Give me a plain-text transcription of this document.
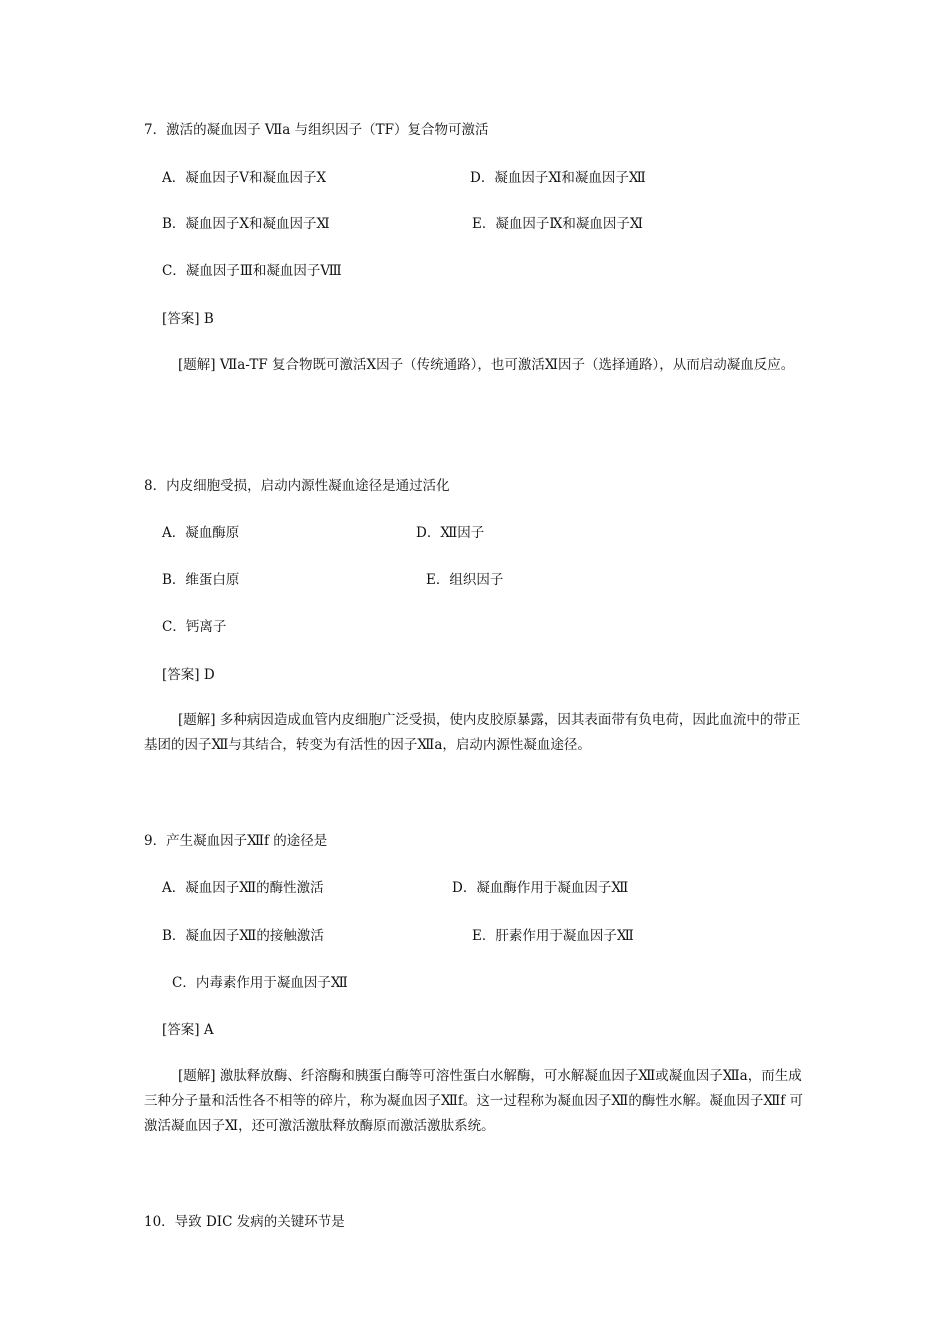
7．激活的凝血因子 Ⅶa 与组织因子（TF）复合物可激活
A．凝血因子Ⅴ和凝血因子Ⅹ	D．凝血因子Ⅺ和凝血因子Ⅻ
B．凝血因子Ⅹ和凝血因子Ⅺ	E．凝血因子Ⅸ和凝血因子Ⅺ
C．凝血因子Ⅲ和凝血因子Ⅷ
[答案] B
[题解] Ⅶa-TF 复合物既可激活Ⅹ因子（传统通路），也可激活Ⅺ因子（选择通路），从而启动凝血反应。
8．内皮细胞受损，启动内源性凝血途径是通过活化
A．凝血酶原	D．Ⅻ因子
B．维蛋白原	E．组织因子
C．钙离子
[答案] D
[题解] 多种病因造成血管内皮细胞广泛受损，使内皮胶原暴露，因其表面带有负电荷，因此血流中的带正基团的因子Ⅻ与其结合，转变为有活性的因子Ⅻa，启动内源性凝血途径。
9．产生凝血因子Ⅻf 的途径是
A．凝血因子Ⅻ的酶性激活	D．凝血酶作用于凝血因子Ⅻ
B．凝血因子Ⅻ的接触激活	E．肝素作用于凝血因子Ⅻ
C．内毒素作用于凝血因子Ⅻ
[答案] A
[题解] 激肽释放酶、纤溶酶和胰蛋白酶等可溶性蛋白水解酶，可水解凝血因子Ⅻ或凝血因子Ⅻa，而生成三种分子量和活性各不相等的碎片，称为凝血因子Ⅻf。这一过程称为凝血因子Ⅻ的酶性水解。凝血因子Ⅻf 可激活凝血因子Ⅺ，还可激活激肽释放酶原而激活激肽系统。
10．导致 DIC 发病的关键环节是
